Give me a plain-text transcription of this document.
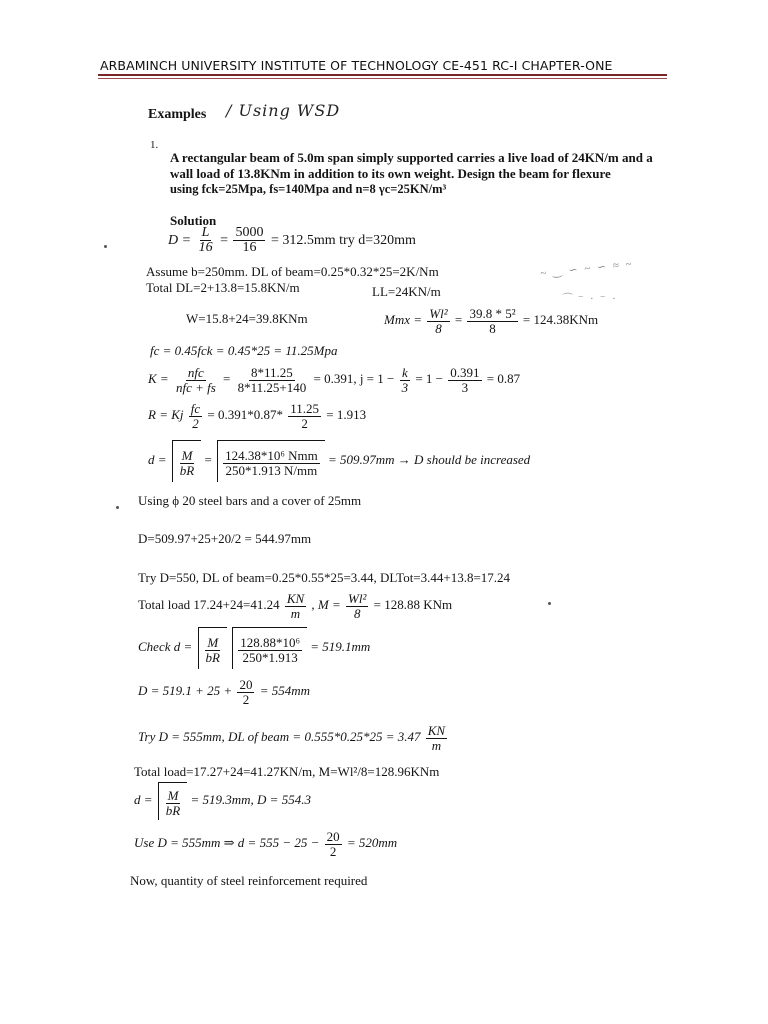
ARBAMINCH UNIVERSITY INSTITUTE OF TECHNOLOGY CE-451 RC-I CHAPTER-ONE
Examples / Using WSD
1.
A rectangular beam of 5.0m span simply supported carries a live load of 24KN/m and a
wall load of 13.8KNm in addition to its own weight. Design the beam for flexure
using fck=25Mpa, fs=140Mpa and n=8 γc=25KN/m³
Solution
$D = \frac{L}{16} = \frac{5000}{16} = 312.5mm$ try d=320mm
Assume b=250mm. DL of beam=0.25*0.32*25=2K/Nm
Total DL=2+13.8=15.8KN/m	LL=24KN/m
W=15.8+24=39.8KNm	Mmx = $\frac{\text{Wl²}}{8} = \frac{\text{39.8 * 5²}}{8} = 124.38KNm$
fc = 0.45fck = 0.45*25 = 11.25Mpa
$K = \frac{\text{nfc}}{\text{nfc + fs}} = \frac{8*11.25}{8*11.25+140} = 0.391$, $j = 1 - \frac{k}{3} = 1 - \frac{0.391}{3} = 0.87$
R = Kj $\frac{fc}{2} = 0.391*0.87* \frac{11.25}{2} = 1.913$
$d = \frac{M}{bR} = \frac{\text{124.38*10⁶ Nmm}}{250*1.913 N/mm} = 509.97mm \to D$ should be increased
Using ϕ 20 steel bars and a cover of 25mm
D=509.97+25+20/2 = 544.97mm
Try D=550, DL of beam=0.25*0.55*25=3.44, DLTot=3.44+13.8=17.24
Total load $17.24+24=41.24 \frac{KN}{m}$ , $M = \frac{\text{Wl²}}{8} = 128.88$ KNm
Check $d = \frac{M}{bR}$
$\frac{\text{128.88*10⁶}}{250*1.913} = 519.1mm$
$D = 519.1 + 25 + \frac{20}{2} = 554mm$
Try D = 555mm, DL of beam = $0.555*0.25*25 = 3.47 \frac{KN}{m}$
Total load=17.27+24=41.27KN/m, M=Wl²/8=128.96KNm
$d = \frac{M}{bR} = 519.3mm$, D = 554.3
Use D = 555mm ⇒ $d = 555 - 25 - \frac{20}{2} = 520mm$
Now, quantity of steel reinforcement required
~ ‿ ∽ ~ ∽ ≈ ~
⌒ ⁻ ∙ ⁻ ∙
